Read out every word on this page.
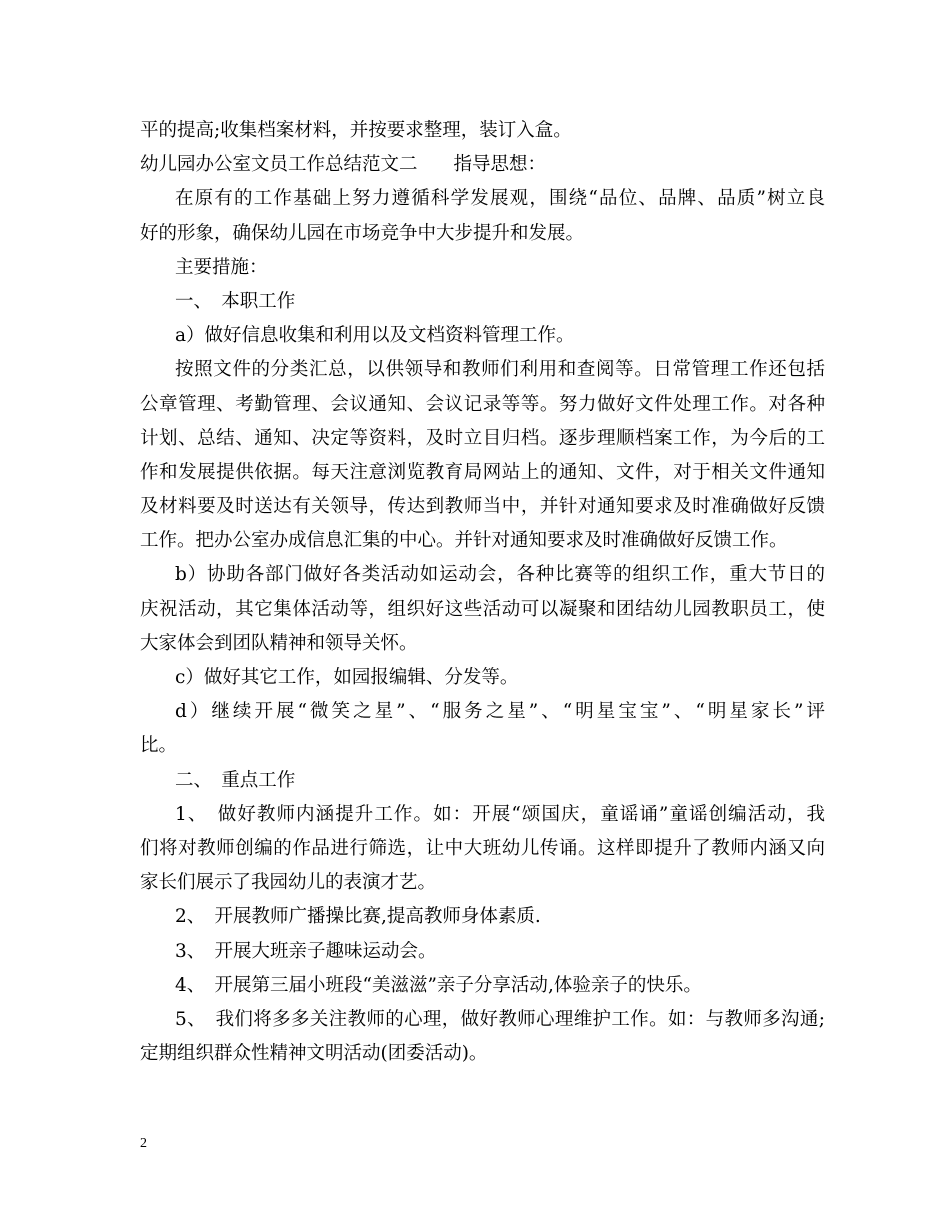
平的提高;收集档案材料，并按要求整理，装订入盒。
幼儿园办公室文员工作总结范文二 指导思想：
在原有的工作基础上努力遵循科学发展观，围绕“品位、品牌、品质”树立良
好的形象，确保幼儿园在市场竞争中大步提升和发展。
主要措施：
一、　本职工作
a）做好信息收集和利用以及文档资料管理工作。
按照文件的分类汇总，以供领导和教师们利用和查阅等。日常管理工作还包括
公章管理、考勤管理、会议通知、会议记录等等。努力做好文件处理工作。对各种
计划、总结、通知、决定等资料，及时立目归档。逐步理顺档案工作，为今后的工
作和发展提供依据。每天注意浏览教育局网站上的通知、文件，对于相关文件通知
及材料要及时送达有关领导，传达到教师当中，并针对通知要求及时准确做好反馈
工作。把办公室办成信息汇集的中心。并针对通知要求及时准确做好反馈工作。
b）协助各部门做好各类活动如运动会，各种比赛等的组织工作，重大节日的
庆祝活动，其它集体活动等，组织好这些活动可以凝聚和团结幼儿园教职员工，使
大家体会到团队精神和领导关怀。
c）做好其它工作，如园报编辑、分发等。
d）继续开展“微笑之星”、“服务之星”、“明星宝宝”、“明星家长”评
比。
二、　重点工作
1、　做好教师内涵提升工作。如：开展“颂国庆，童谣诵”童谣创编活动，我
们将对教师创编的作品进行筛选，让中大班幼儿传诵。这样即提升了教师内涵又向
家长们展示了我园幼儿的表演才艺。
2、　开展教师广播操比赛,提高教师身体素质.
3、　开展大班亲子趣味运动会。
4、　开展第三届小班段“美滋滋”亲子分享活动,体验亲子的快乐。
5、　我们将多多关注教师的心理，做好教师心理维护工作。如：与教师多沟通;
定期组织群众性精神文明活动(团委活动)。
2
